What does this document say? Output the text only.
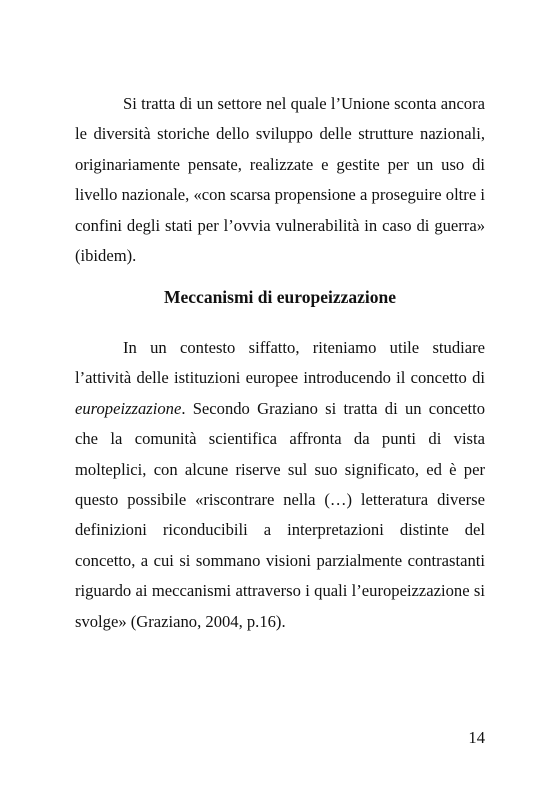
Si tratta di un settore nel quale l’Unione sconta ancora le diversità storiche dello sviluppo delle strutture nazionali, originariamente pensate, realizzate e gestite per un uso di livello nazionale, «con scarsa propensione a proseguire oltre i confini degli stati per l’ovvia vulnerabilità in caso di guerra» (ibidem).

Meccanismi di europeizzazione

In un contesto siffatto, riteniamo utile studiare l’attività delle istituzioni europee introducendo il concetto di europeizzazione. Secondo Graziano si tratta di un concetto che la comunità scientifica affronta da punti di vista molteplici, con alcune riserve sul suo significato, ed è per questo possibile «riscontrare nella (…) letteratura diverse definizioni riconducibili a interpretazioni distinte del concetto, a cui si sommano visioni parzialmente contrastanti riguardo ai meccanismi attraverso i quali l’europeizzazione si svolge» (Graziano, 2004, p.16).

14
